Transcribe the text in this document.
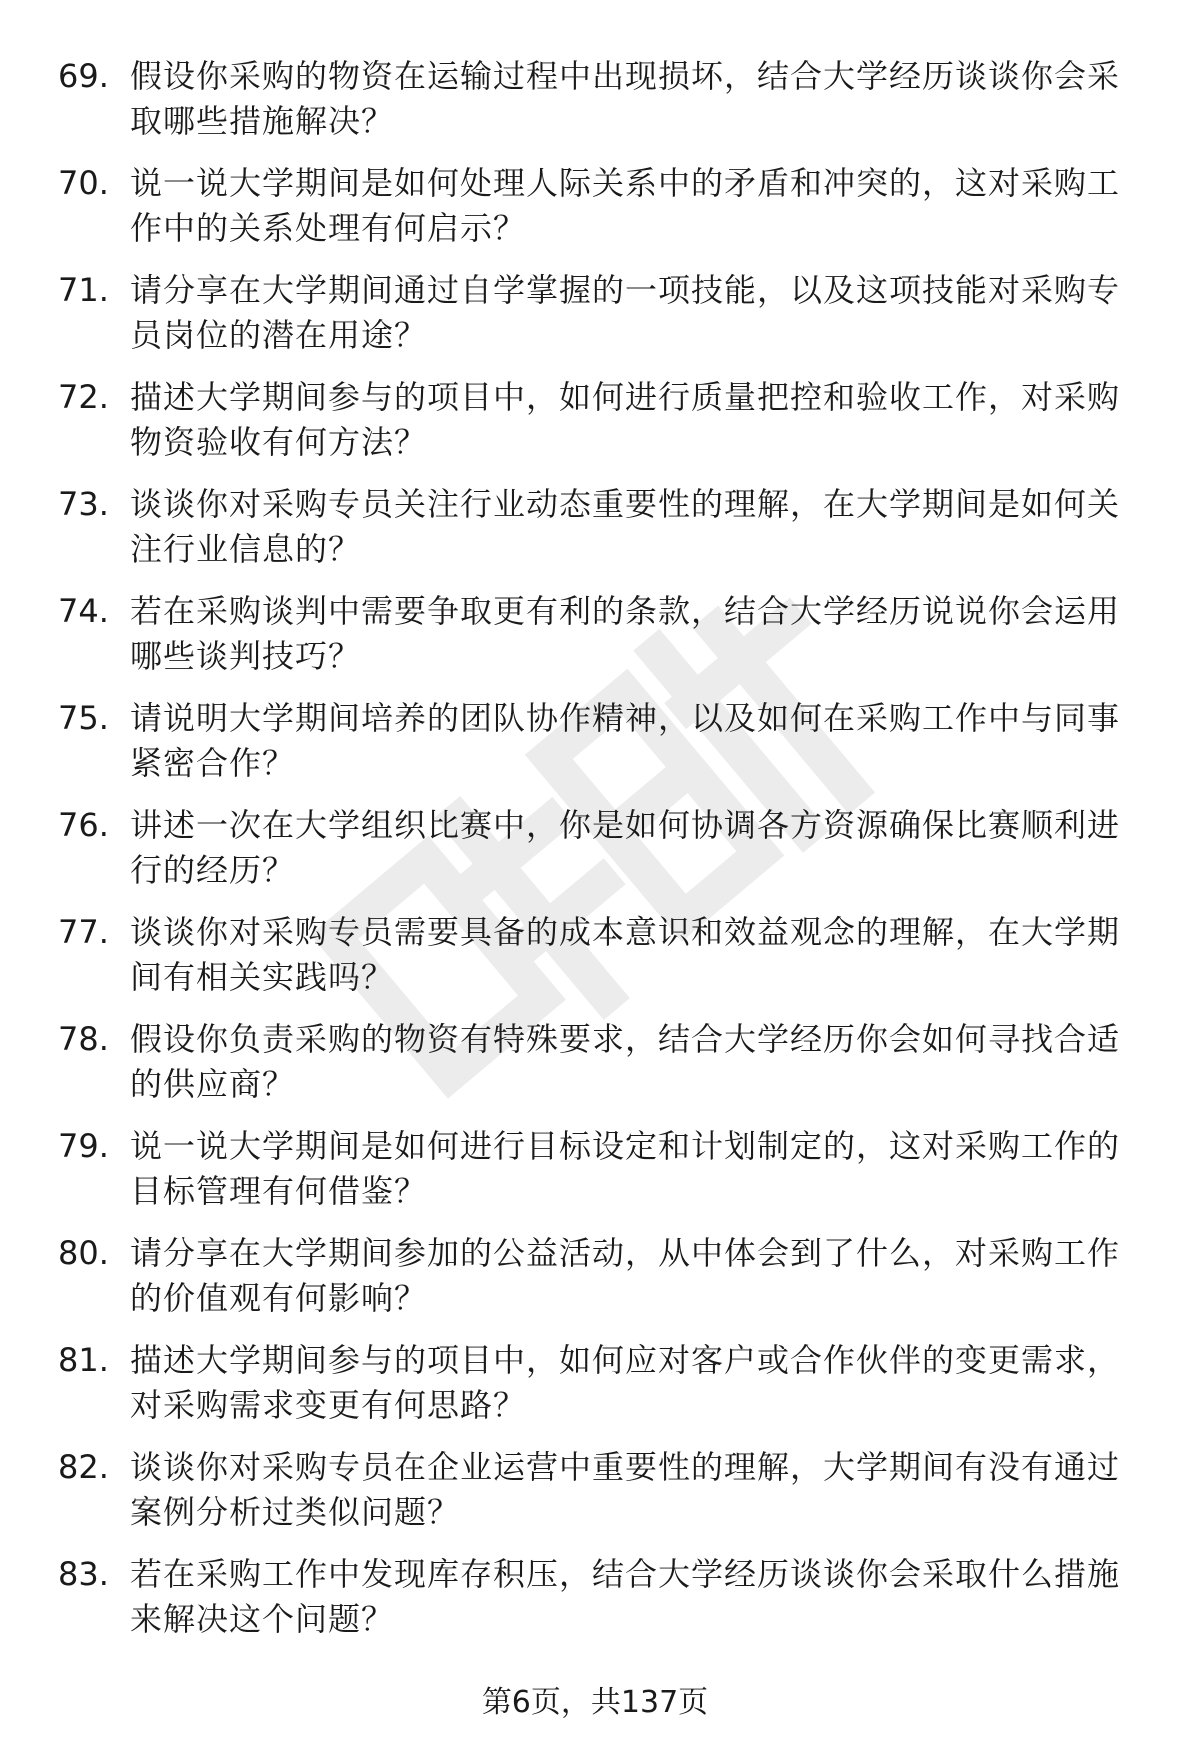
69. 假设你采购的物资在运输过程中出现损坏，结合大学经历谈谈你会采取哪些措施解决？
70. 说一说大学期间是如何处理人际关系中的矛盾和冲突的，这对采购工作中的关系处理有何启示？
71. 请分享在大学期间通过自学掌握的一项技能，以及这项技能对采购专员岗位的潜在用途？
72. 描述大学期间参与的项目中，如何进行质量把控和验收工作，对采购物资验收有何方法？
73. 谈谈你对采购专员关注行业动态重要性的理解，在大学期间是如何关注行业信息的？
74. 若在采购谈判中需要争取更有利的条款，结合大学经历说说你会运用哪些谈判技巧？
75. 请说明大学期间培养的团队协作精神，以及如何在采购工作中与同事紧密合作？
76. 讲述一次在大学组织比赛中，你是如何协调各方资源确保比赛顺利进行的经历？
77. 谈谈你对采购专员需要具备的成本意识和效益观念的理解，在大学期间有相关实践吗？
78. 假设你负责采购的物资有特殊要求，结合大学经历你会如何寻找合适的供应商？
79. 说一说大学期间是如何进行目标设定和计划制定的，这对采购工作的目标管理有何借鉴？
80. 请分享在大学期间参加的公益活动，从中体会到了什么，对采购工作的价值观有何影响？
81. 描述大学期间参与的项目中，如何应对客户或合作伙伴的变更需求，对采购需求变更有何思路？
82. 谈谈你对采购专员在企业运营中重要性的理解，大学期间有没有通过案例分析过类似问题？
83. 若在采购工作中发现库存积压，结合大学经历谈谈你会采取什么措施来解决这个问题？
第6页，共137页
